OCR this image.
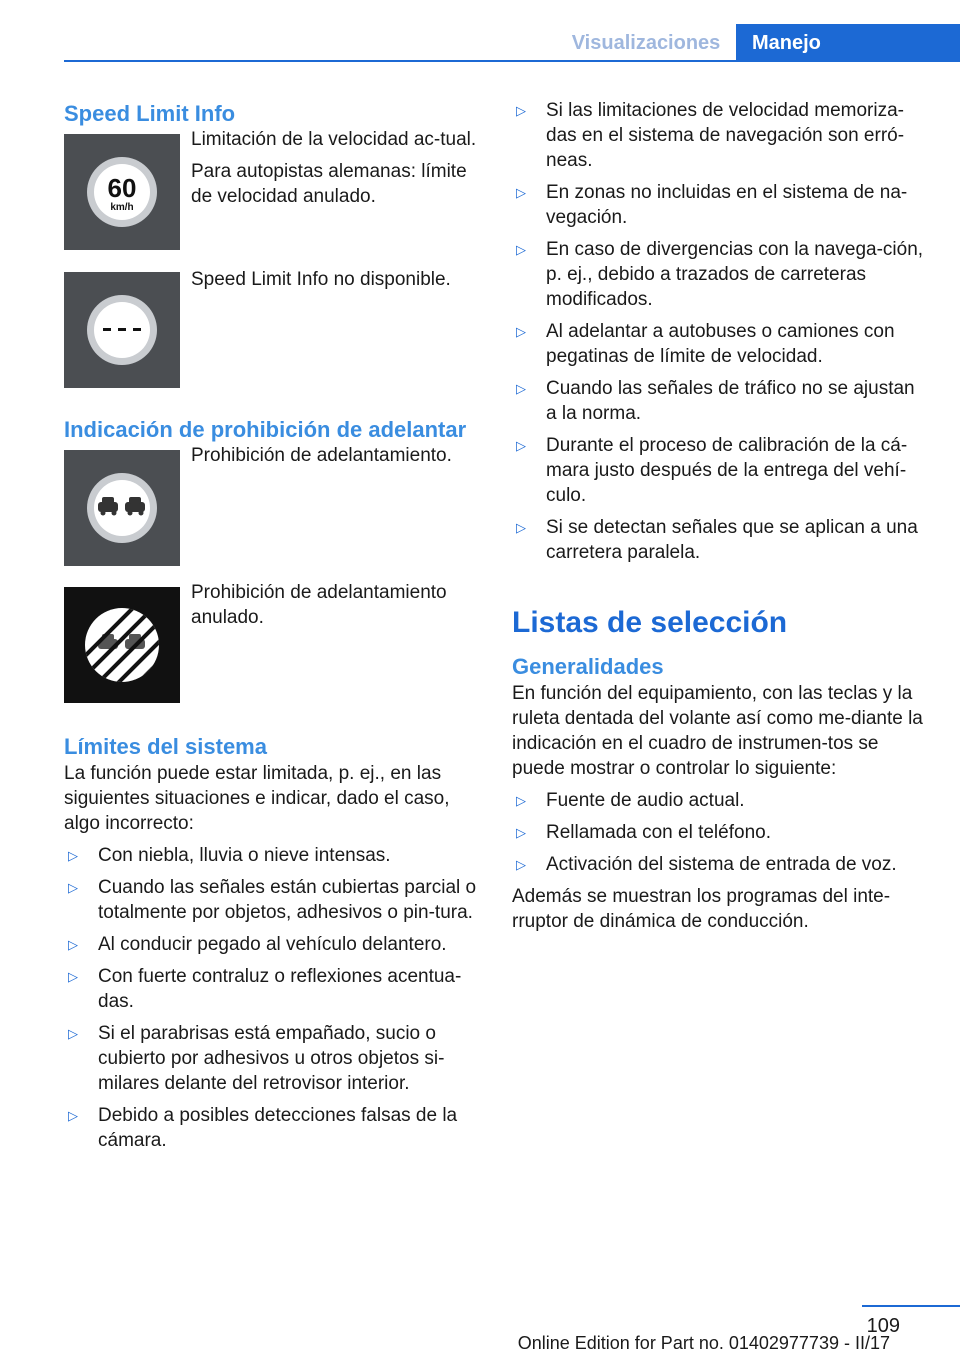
Visualizaciones	Manejo
Speed Limit Info
60
km/h

Limitación de la velocidad ac-tual.

Para autopistas alemanas: límite de velocidad anulado.

Speed Limit Info no disponible.

Indicación de prohibición de adelantar

Prohibición de adelantamiento.

Prohibición de adelantamiento anulado.

Límites del sistema

La función puede estar limitada, p. ej., en las siguientes situaciones e indicar, dado el caso, algo incorrecto:

▷ Con niebla, lluvia o nieve intensas.
▷ Cuando las señales están cubiertas parcial o totalmente por objetos, adhesivos o pin-tura.
▷ Al conducir pegado al vehículo delantero.
▷ Con fuerte contraluz o reflexiones acentua-das.
▷ Si el parabrisas está empañado, sucio o cubierto por adhesivos u otros objetos si-milares delante del retrovisor interior.
▷ Debido a posibles detecciones falsas de la cámara.
▷ Si las limitaciones de velocidad memoriza-das en el sistema de navegación son erró-neas.
▷ En zonas no incluidas en el sistema de na-vegación.
▷ En caso de divergencias con la navega-ción, p. ej., debido a trazados de carreteras modificados.
▷ Al adelantar a autobuses o camiones con pegatinas de límite de velocidad.
▷ Cuando las señales de tráfico no se ajustan a la norma.
▷ Durante el proceso de calibración de la cá-mara justo después de la entrega del vehí-culo.
▷ Si se detectan señales que se aplican a una carretera paralela.
Listas de selección
Generalidades

En función del equipamiento, con las teclas y la ruleta dentada del volante así como me-diante la indicación en el cuadro de instrumen-tos se puede mostrar o controlar lo siguiente:

▷ Fuente de audio actual.
▷ Rellamada con el teléfono.
▷ Activación del sistema de entrada de voz.

Además se muestran los programas del inte-rruptor de dinámica de conducción.

109
Online Edition for Part no. 01402977739 - II/17
